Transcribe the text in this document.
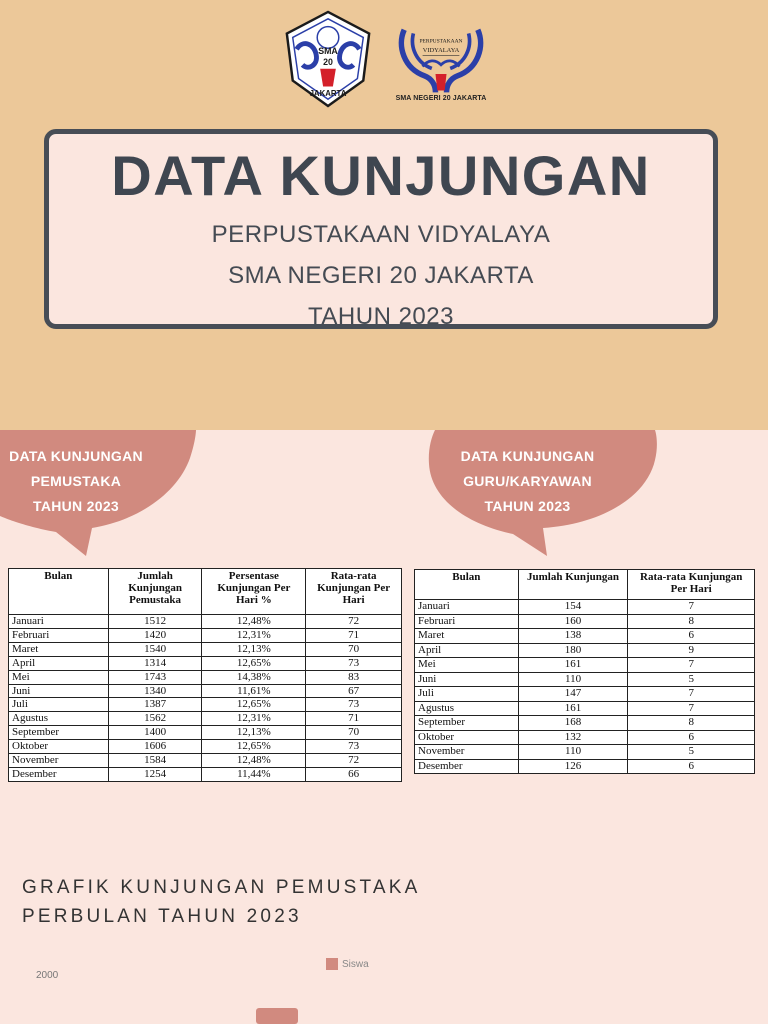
SMA
20
JAKARTA
PERPUSTAKAAN
VIDYALAYA
SMA NEGERI 20 JAKARTA
DATA KUNJUNGAN
PERPUSTAKAAN VIDYALAYA
SMA NEGERI 20 JAKARTA
TAHUN 2023
DATA KUNJUNGAN
PEMUSTAKA
TAHUN 2023
DATA KUNJUNGAN
GURU/KARYAWAN
TAHUN 2023
Bulan	Jumlah Kunjungan Pemustaka	Persentase Kunjungan Per Hari %	Rata-rata Kunjungan Per Hari
Januari	1512	12,48%	72
Februari	1420	12,31%	71
Maret	1540	12,13%	70
April	1314	12,65%	73
Mei	1743	14,38%	83
Juni	1340	11,61%	67
Juli	1387	12,65%	73
Agustus	1562	12,31%	71
September	1400	12,13%	70
Oktober	1606	12,65%	73
November	1584	12,48%	72
Desember	1254	11,44%	66
Bulan	Jumlah Kunjungan	Rata-rata Kunjungan Per Hari
Januari	154	7
Februari	160	8
Maret	138	6
April	180	9
Mei	161	7
Juni	110	5
Juli	147	7
Agustus	161	7
September	168	8
Oktober	132	6
November	110	5
Desember	126	6
GRAFIK KUNJUNGAN PEMUSTAKA
PERBULAN TAHUN 2023
Siswa
2000
